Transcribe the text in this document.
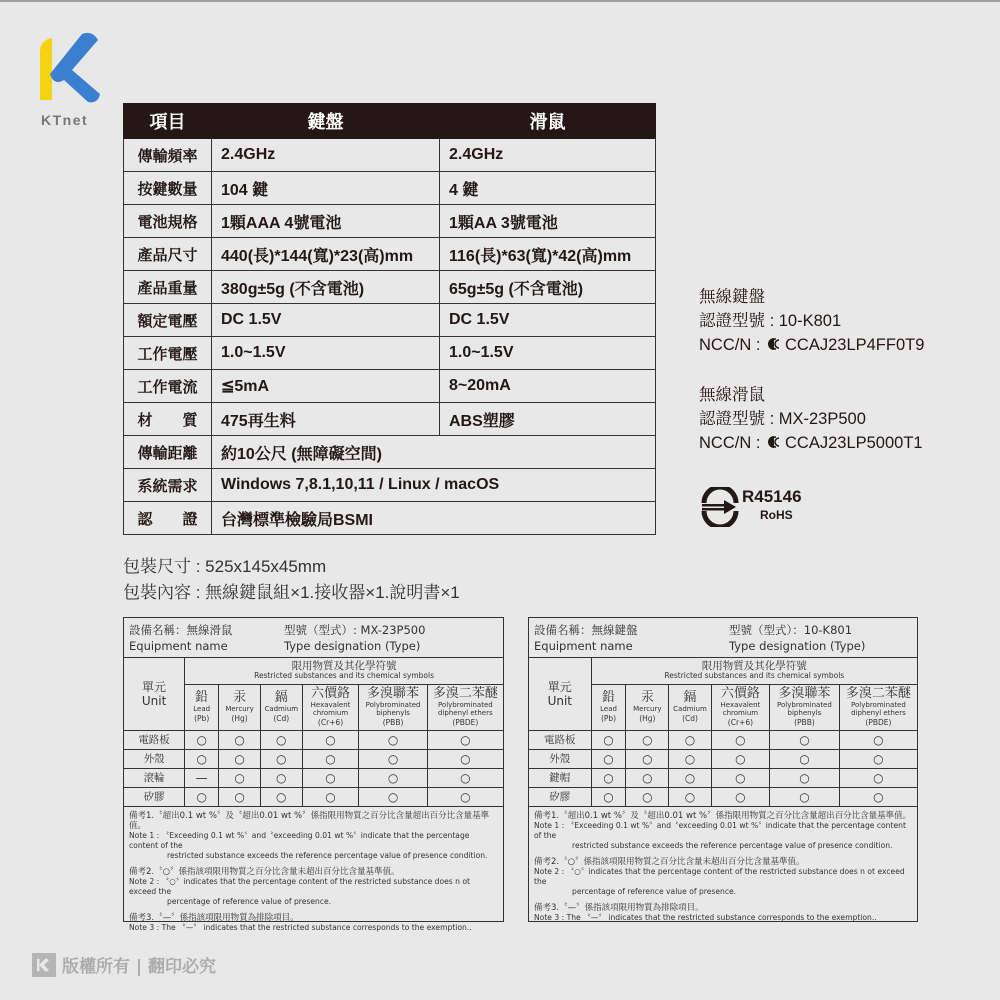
KTnet	項目	鍵盤	滑鼠
傳輸頻率	2.4GHz	2.4GHz
按鍵數量	104 鍵	4 鍵
電池規格	1顆AAA 4號電池	1顆AA 3號電池
產品尺寸	440(長)*144(寬)*23(高)mm	116(長)*63(寬)*42(高)mm
產品重量	380g±5g (不含電池)	65g±5g (不含電池)
額定電壓	DC 1.5V	DC 1.5V
工作電壓	1.0~1.5V	1.0~1.5V
工作電流	≦5mA	8~20mA
材　　質	475再生料	ABS塑膠
傳輸距離	約10公尺 (無障礙空間)	
系統需求	Windows 7,8.1,10,11 / Linux / macOS	
認　　證	台灣標準檢驗局BSMI	
無線鍵盤
認證型號 : 10-K801
NCC/N : CCAJ23LP4FF0T9
無線滑鼠
認證型號 : MX-23P500
NCC/N : CCAJ23LP5000T1
R45146
RoHS
包裝尺寸 : 525x145x45mm
包裝內容 : 無線鍵鼠組×1.接收器×1.說明書×1
設備名稱：無線滑鼠
Equipment name
型號（型式）: MX-23P500
Type designation (Type)
單元
Unit

限用物質及其化學符號
Restricted substances and its chemical symbols

鉛
Lead
(Pb)

汞
Mercury
(Hg)

鎘
Cadmium
(Cd)

六價鉻
Hexavalent chromium
(Cr+6)

多溴聯苯
Polybrominated biphenyls
(PBB)

多溴二苯醚
Polybrominated diphenyl ethers
(PBDE)

電路板	○	○	○	○	○	○
外殼	○	○	○	○	○	○
滾輪	—	○	○	○	○	○
矽膠	○	○	○	○	○	○

備考1.〝超出0.1 wt %〞及〝超出0.01 wt %〞係指限用物質之百分比含量超出百分比含量基準值。

Note 1 : 〝Exceeding 0.1 wt %〞and〝exceeding 0.01 wt %〞indicate that the percentage content of the

restricted substance exceeds the reference percentage value of presence condition.

備考2.〝○〞係指該項限用物質之百分比含量未超出百分比含量基準值。

Note 2 : 〝○〞indicates that the percentage content of the restricted substance does n ot exceed the

percentage of reference value of presence.

備考3.〝—〞係指該項限用物質為排除項目。

Note 3 : The 〝—〞 indicates that the restricted substance corresponds to the exemption..

設備名稱：無線鍵盤
Equipment name
型號（型式）：10-K801
Type designation (Type)
單元
Unit

限用物質及其化學符號
Restricted substances and its chemical symbols

鉛
Lead
(Pb)

汞
Mercury
(Hg)

鎘
Cadmium
(Cd)

六價鉻
Hexavalent chromium
(Cr+6)

多溴聯苯
Polybrominated biphenyls
(PBB)

多溴二苯醚
Polybrominated diphenyl ethers
(PBDE)

電路板	○	○	○	○	○	○
外殼	○	○	○	○	○	○
鍵帽	○	○	○	○	○	○
矽膠	○	○	○	○	○	○

備考1.〝超出0.1 wt %〞及〝超出0.01 wt %〞係指限用物質之百分比含量超出百分比含量基準值。

Note 1 : 〝Exceeding 0.1 wt %〞and〝exceeding 0.01 wt %〞indicate that the percentage content of the

restricted substance exceeds the reference percentage value of presence condition.

備考2.〝○〞係指該項限用物質之百分比含量未超出百分比含量基準值。

Note 2 : 〝○〞indicates that the percentage content of the restricted substance does n ot exceed the

percentage of reference value of presence.

備考3.〝—〞係指該項限用物質為排除項目。

Note 3 : The 〝—〞 indicates that the restricted substance corresponds to the exemption..

版權所有 | 翻印必究
